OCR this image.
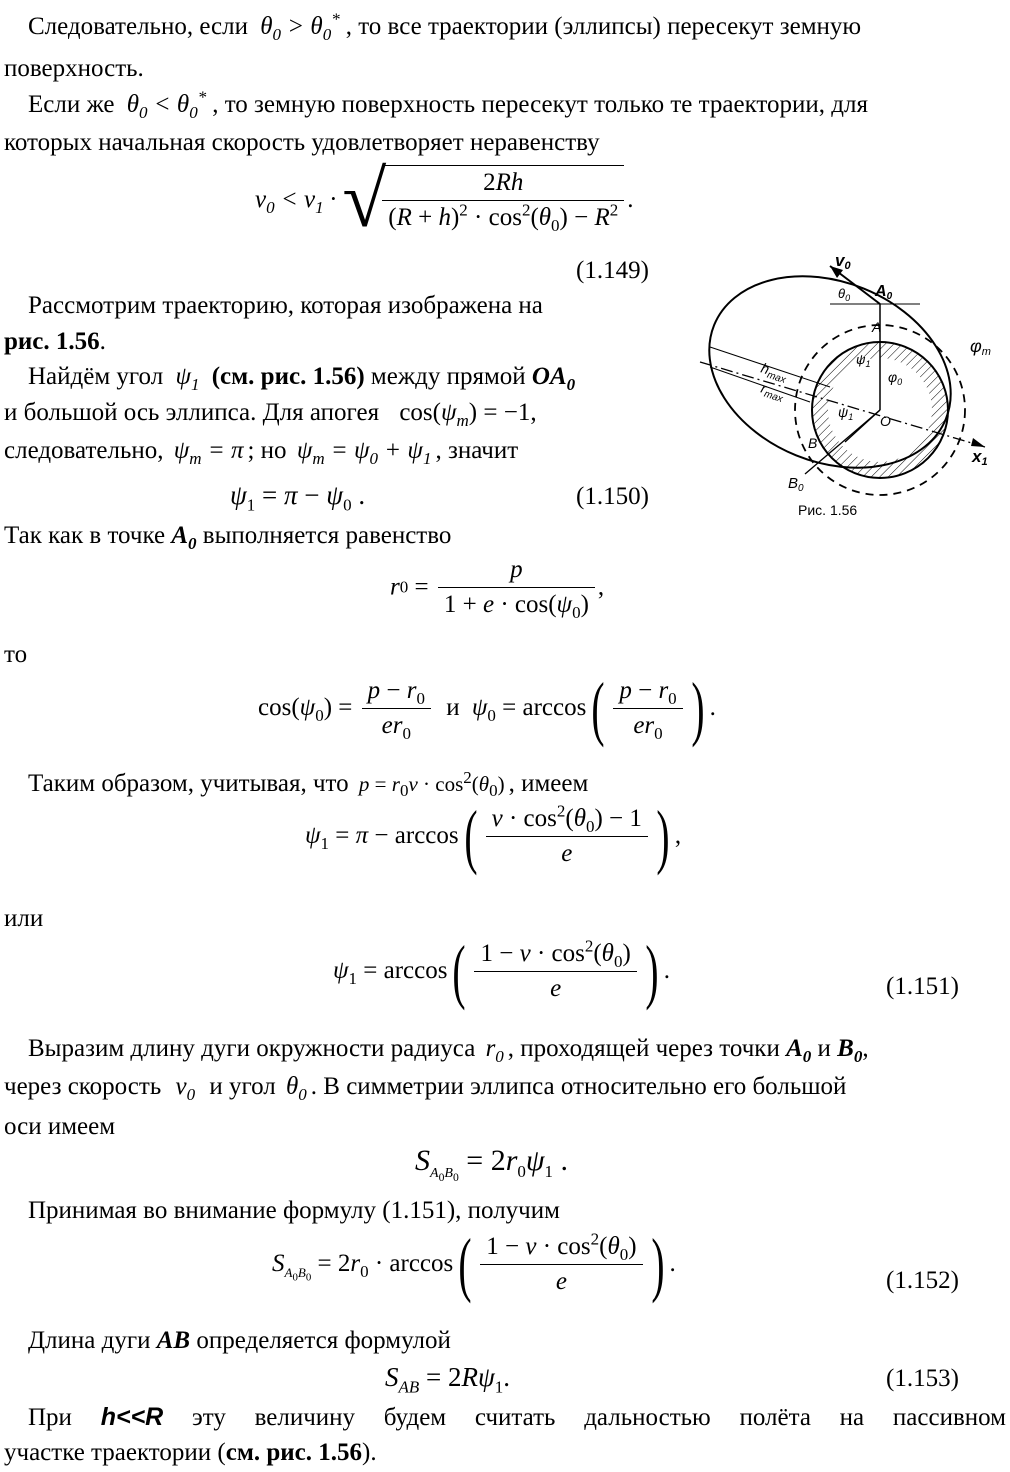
Следовательно, если $\theta_0 > \theta_0^*$ , то все траектории (эллипсы) пересекут земную
поверхность.
Если же $\theta_0 < \theta_0^*$ , то земную поверхность пересекут только те траектории, для
которых начальная скорость удовлетворяет неравенству
$v_0 < v_1$ · √
$\frac{2Rh}{(R + h)^2 \cdot \cos^2(\theta_0) - R^2}$ .
(1.149)
Рассмотрим траекторию, которая изображена на
рис. 1.56.
Найдём угол $\psi_1$ (см. рис. 1.56) между прямой $OA_0$
и большой ось эллипса. Для апогея $\cos(\psi_m) = -1$,
следовательно, $\psi_m = \pi$ ; но $\psi_m = \psi_0 + \psi_1$ , значит
$\psi_1 = \pi - \psi_0$ .	(1.150)
Так как в точке $A_0$ выполняется равенство
$r0 = \frac{p}{1 + e \cdot \cos(\psi_0)}$ ,
то
$\cos(\psi_0) = \frac{p - r_0}{er_0}$ и $\psi_0 = \arccos( \frac{p - r_0}{er_0}$ ) .
Таким образом, учитывая, что $p = r_0v \cdot \cos^2(\theta_0)$ , имеем
$\psi_1 = \pi - \arccos( \frac{v \cdot \cos^2(\theta_0) - 1}{e}$ ) ,
или
$\psi_1 = \arccos( \frac{1 - v \cdot \cos^2(\theta_0)}{e}$ ) .
(1.151)
Выразим длину дуги окружности радиуса $r_0$ , проходящей через точки $A_0$ и $B_0$,
через скорость $v_0$ и угол $\theta_0$ . В симметрии эллипса относительно его большой
оси имеем
$S_{A_0B_0} = 2r_0\psi_1$ .
Принимая во внимание формулу (1.151), получим
$S_{A_0B_0} = 2r_0 \cdot \arccos( \frac{1 - v \cdot \cos^2(\theta_0)}{e}$ ) .
(1.152)
Длина дуги AB определяется формулой
$S_{AB} = 2R\psi_1$.	(1.153)
При h<<R эту величину будем считать дальностью полёта на пассивном
участке траектории (см. рис. 1.56).
v0
A0
$\theta_0$
A
φm
$h_{max}$
$r_{max}$
$\psi_1$
$\varphi_0$
$\psi_1$ O
B
$B_0$
x1
Рис. 1.56
